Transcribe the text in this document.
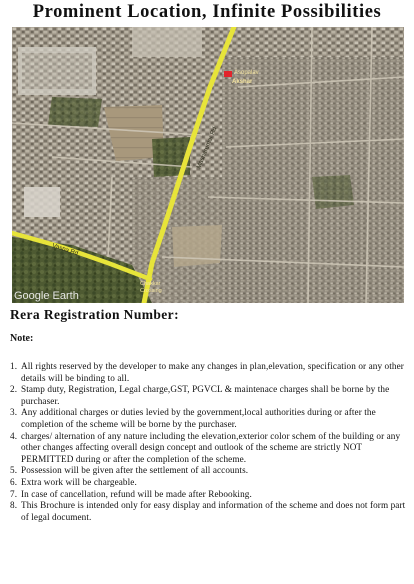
Prominent Location, Infinite Possibilities
Asopalav
Akshar
Masharumar Rd
Vasna Rd
Chakkar
Crossing
Google Earth
Rera Registration Number:
Note:
1. All rights reserved by the developer to make any changes in plan,elevation, specification or any other details will be binding to all.
2. Stamp duty, Registration, Legal charge,GST, PGVCL & maintenace charges shall be borne by the purchaser.
3. Any additional charges or duties levied by the government,local authorities during or after the completion of the scheme will be borne by the purchaser.
4. charges/ alternation of any nature including the elevation,exterior color schem of the building or any other changes affecting overall design concept and outlook of the scheme are strictly NOT PERMITTED during or after the completion of the scheme.
5. Possession will be given after the settlement of all accounts.
6. Extra work will be chargeable.
7. In case of cancellation, refund will be made after Rebooking.
8. This Brochure is intended only for easy display and information of the scheme and does not form part of legal document.
